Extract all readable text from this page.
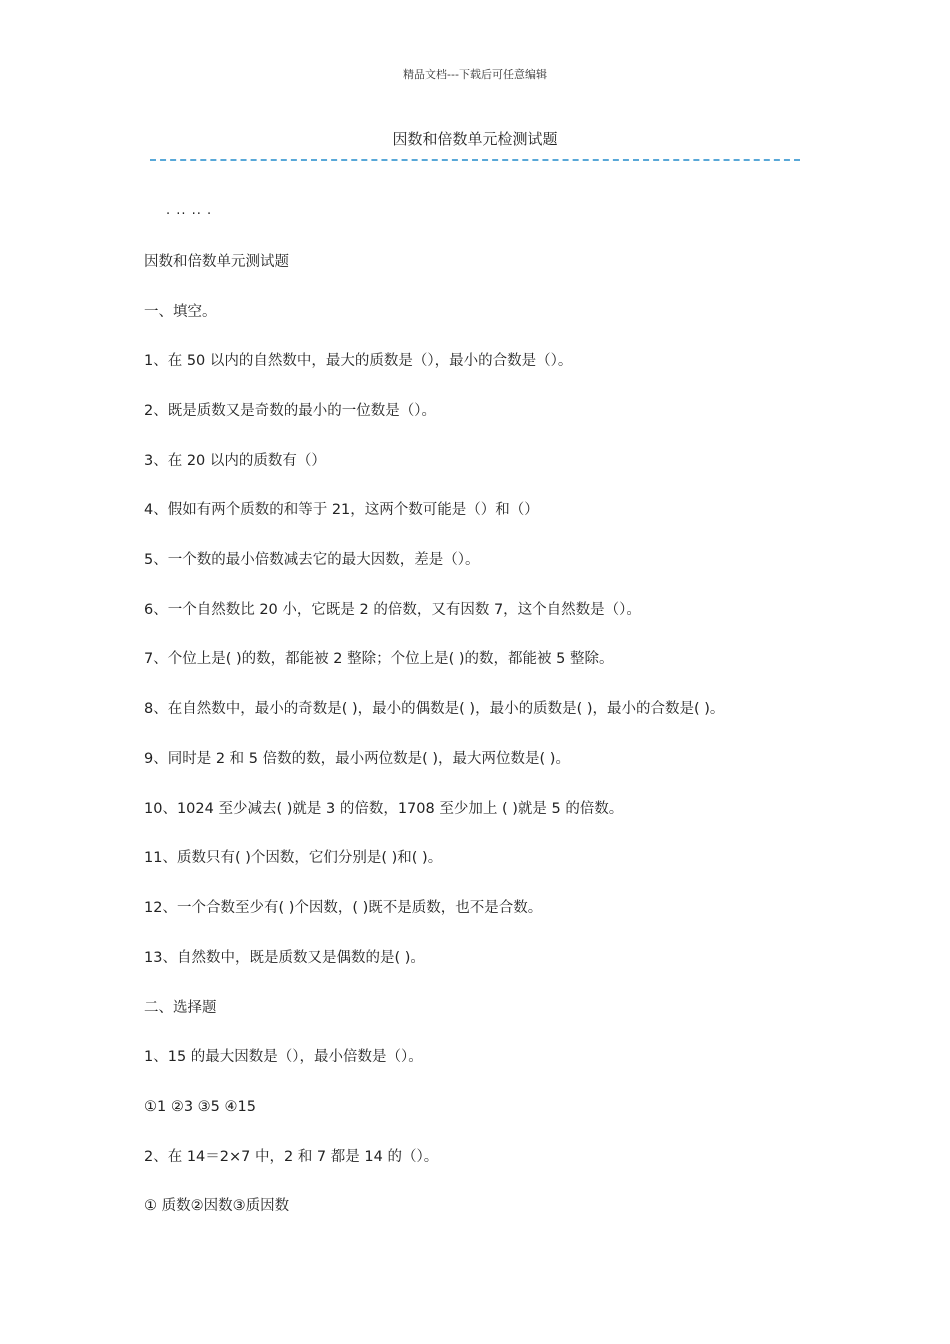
精品文档---下载后可任意编辑
因数和倍数单元检测试题
. .. .. .
因数和倍数单元测试题
一、填空。
1、在 50 以内的自然数中，最大的质数是（），最小的合数是（）。
2、既是质数又是奇数的最小的一位数是（）。
3、在 20 以内的质数有（）
4、假如有两个质数的和等于 21，这两个数可能是（）和（）
5、一个数的最小倍数减去它的最大因数，差是（）。
6、一个自然数比 20 小，它既是 2 的倍数，又有因数 7，这个自然数是（）。
7、个位上是( )的数，都能被 2 整除；个位上是( )的数，都能被 5 整除。
8、在自然数中，最小的奇数是( )，最小的偶数是( )，最小的质数是( )，最小的合数是( )。
9、同时是 2 和 5 倍数的数，最小两位数是( )，最大两位数是( )。
10、1024 至少减去( )就是 3 的倍数，1708 至少加上 ( )就是 5 的倍数。
11、质数只有( )个因数，它们分别是( )和( )。
12、一个合数至少有( )个因数，( )既不是质数，也不是合数。
13、自然数中，既是质数又是偶数的是( )。
二、选择题
1、15 的最大因数是（），最小倍数是（）。
①1 ②3 ③5 ④15
2、在 14＝2×7 中，2 和 7 都是 14 的（）。
① 质数②因数③质因数
